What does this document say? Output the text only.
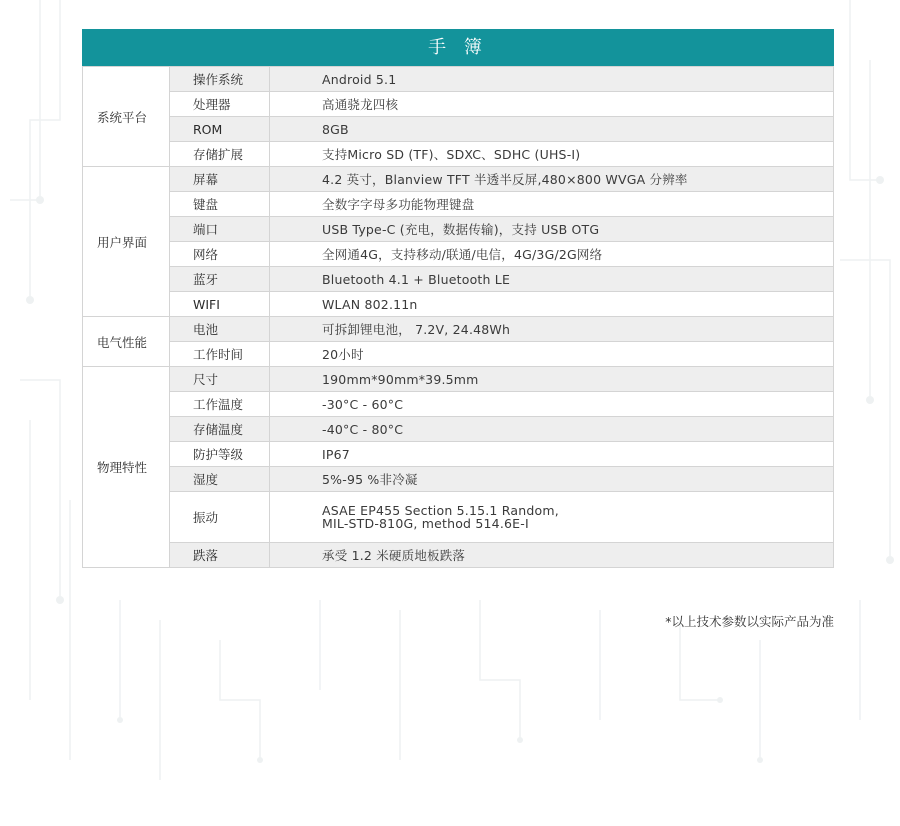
手 簿
系统平台	操作系统	Android 5.1
	处理器	高通骁龙四核
	ROM	8GB
	存储扩展	支持Micro SD (TF)、SDXC、SDHC (UHS-I)
用户界面	屏幕	4.2 英寸，Blanview TFT 半透半反屏,480×800 WVGA 分辨率
	键盘	全数字字母多功能物理键盘
	端口	USB Type-C (充电，数据传输)，支持 USB OTG
	网络	全网通4G，支持移动/联通/电信，4G/3G/2G网络
	蓝牙	Bluetooth 4.1 + Bluetooth LE
	WIFI	WLAN 802.11n
电气性能	电池	可拆卸锂电池， 7.2V, 24.48Wh
	工作时间	20小时
物理特性	尺寸	190mm*90mm*39.5mm
	工作温度	-30°C - 60°C
	存储温度	-40°C - 80°C
	防护等级	IP67
	湿度	5%-95 %非冷凝
	振动	ASAE EP455 Section 5.15.1 Random,
MIL-STD-810G, method 514.6E-I

	跌落	承受 1.2 米硬质地板跌落
*以上技术参数以实际产品为准
